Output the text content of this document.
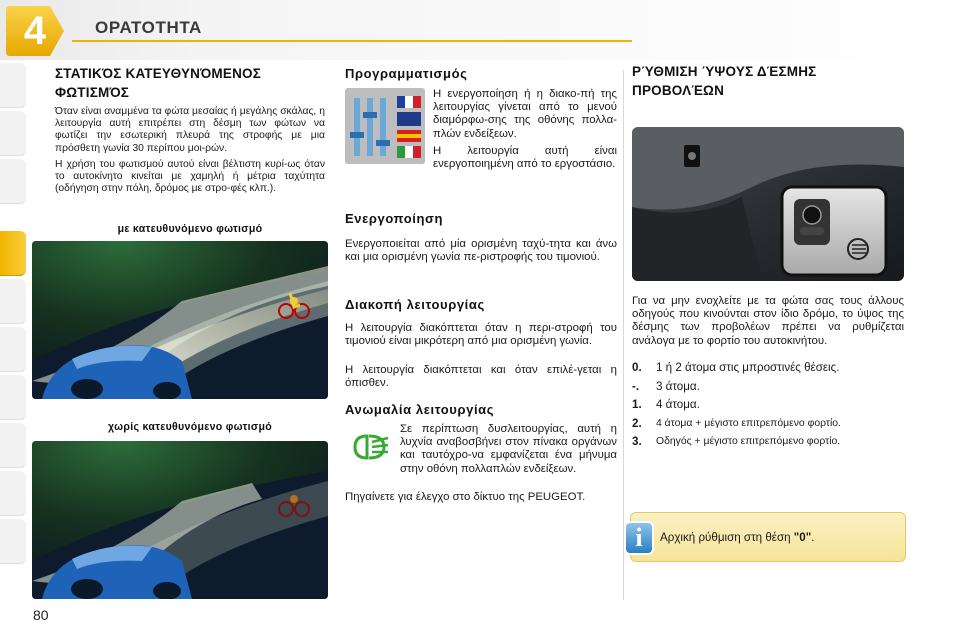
4	ΟΡΑΤΟΤΗΤΑ
ΣΤΑΤΙΚΌΣ ΚΑΤΕΥΘΥΝΌΜΕΝΟΣ ΦΩΤΙΣΜΌΣ

Όταν είναι αναμμένα τα φώτα μεσαίας ή μεγάλης σκάλας, η λειτουργία αυτή επιτρέπει στη δέσμη των φώτων να φωτίζει την εσωτερική πλευρά της στροφής με μια πρόσθετη γωνία 30 περίπου μοι-ρών.

Η χρήση του φωτισμού αυτού είναι βέλτιστη κυρί-ως όταν το αυτοκίνητο κινείται με χαμηλή ή μέτρια ταχύτητα (οδήγηση στην πόλη, δρόμος με στρο-φές κλπ.).

με κατευθυνόμενο φωτισμό
χωρίς κατευθυνόμενο φωτισμό
Προγραμματισμός

Η ενεργοποίηση ή η διακο-πή της λειτουργίας γίνεται από το μενού διαμόρφω-σης της οθόνης πολλα-πλών ενδείξεων.

Η λειτουργία αυτή είναι ενεργοποιημένη από το εργοστάσιο.

Ενεργοποίηση

Ενεργοποιείται από μία ορισμένη ταχύ-τητα και άνω και μια ορισμένη γωνία πε-ριστροφής του τιμονιού.

Διακοπή λειτουργίας

Η λειτουργία διακόπτεται όταν η περι-στροφή του τιμονιού είναι μικρότερη από μια ορισμένη γωνία.

Η λειτουργία διακόπτεται και όταν επιλέ-γεται η όπισθεν.

Ανωμαλία λειτουργίας

Σε περίπτωση δυσλειτουργίας, αυτή η λυχνία αναβοσβήνει στον πίνακα οργάνων και ταυτόχρο-να εμφανίζεται ένα μήνυμα στην οθόνη πολλαπλών ενδείξεων.

Πηγαίνετε για έλεγχο στο δίκτυο της PEUGEOT.

ΡΎΘΜΙΣΗ ΎΨΟΥΣ ΔΈΣΜΗΣ ΠΡΟΒΟΛΈΩΝ

Για να μην ενοχλείτε με τα φώτα σας τους άλλους οδηγούς που κινούνται στον ίδιο δρόμο, το ύψος της δέσμης των προβολέων πρέπει να ρυθμίζεται ανάλογα με το φορτίο του αυτοκινήτου.

0.	1 ή 2 άτομα στις μπροστινές θέσεις.
-.	3 άτομα.
1.	4 άτομα.
2.	4 άτομα + μέγιστο επιτρεπόμενο φορτίο.
3.	Οδηγός + μέγιστο επιτρεπόμενο φορτίο.
i	Αρχική ρύθμιση στη θέση "0".
80
